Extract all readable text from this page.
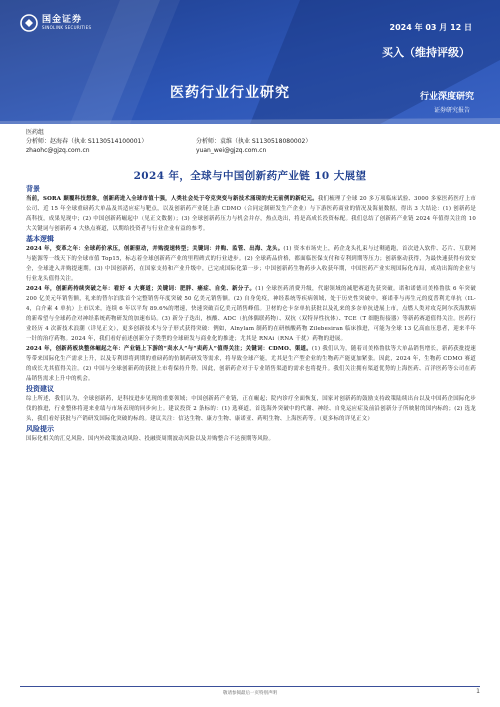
国金证券
SINOLINK SECURITIES	2024 年 03 月 12 日
买入（维持评级）
医药行业行业研究	行业深度研究
证券研究报告
医药组
分析师：赵海春（执业 S1130514100001）	分析师：袁维（执业 S1130518080002）
zhaohc@gjzq.com.cn	yuan_wei@gjzq.com.cn
2024 年，全球与中国创新药产业链 10 大展望
背景

当前，SORA 颠覆科技想象，创新药进入全球市值十强，人类社会处于夸克突变与新技术涌现的史无前例的新纪元。我们梳理了全球 20 多万项临床试验、3000 多家医药医疗上市公司、近 15 年全球重磅药大单品及其适应症与靶点，以及创新药产业链上游 CDMO（合同定制研发生产企业）与下游医药商业的情况及海量数据，得出 3 大结论：(1) 创新药是高科技，成果见现中；(2) 中国创新药崛起中（见正文数据）；(3) 全球创新药压力与机会并存，热点迭出，将是高成长投资标配。我们总结了创新药产业链 2024 年值得关注的 10 大关键词与创新药 4 大热点赛道，以期给投资者与行业企业有益的参考。

基本逻辑

2024 年，变革之年：全球药价承压，创新驱动，并购提速转型；关键词：并购、监管、出海、龙头。(1) 资本市场史上，药企龙头扎束与过剩遁跑，首次进入软件、芯片、互联网与能源等一线天下的全球市值 Top15，标志着全球创新药产业的里程碑式的行业进步。(2) 全球药品价格，都面临医保支付和专利到期等压力；创新驱动获得，为最快速获得有效安全，全球进入并购提速期。(3) 中国创新药，在国家支持和产业升级中，已完成国际化第一步；中国创新药生物药步入收获年期，中国医药产业实现国际化布局，成功出海的企业与行业龙头值得关注。

2024 年，创新药持续突破之年：看好 4 大赛道；关键词：肥胖、癌症、自免、新分子。(1) 全球医药消费升级，代谢领域的减肥赛道先获突破。诺和诺德司美格鲁肽 6 年突破 200 亿美元年销售额，礼来的替尔泊肽首个完整销售年度突破 50 亿美元销售额。(2) 自身免疫，神经系统等疾病领域，处于历史性突破中。赛诺菲与再生元的度普利尤单抗（IL-4，白介素 4 单抗）上市以来，连续 6 年以平均 89.6%的增速，快速突破百亿美元销售峰值。卫材的仑卡奈单抗获批以及礼来的多奈单抗进展上市，点燃人类对攻克阿尔茨海默病的新希望与全球药企对神经系统药物研发的加速布局。(3) 新分子迭出，核酸、ADC（抗体偶联药物）、双抗（双特异性抗体）、TCE（T 细胞衔接器）等新药赛道值得关注。医药行业经历 4 次新技术浪潮（详见正文），更多创新技术与分子形式获得突破：例如，Alnylam 制药的在研核酸药物 Zilebesiran 临床推进，可能为全球 13 亿高血压患者，迎来半年一针的治疗药物。2024 年，我们看好前述创新分子类型的全球研发与商业化的推进；尤其是 RNAi（RNA 干扰）药物的进展。

2024 年，创新药板块整体崛起之年：产业链上下游的“卖水人”与“卖药人”值得关注；关键词：CDMO、渠道。(1) 我们认为，随着司美格鲁肽等大单品销售增长，新药获批提速等带来国际化生产需求上升，以及专利即将到期的重磅药的仿制药研发等需求，将导致全球产能，尤其是生产型企业的生物药产能更加紧张。因此，2024 年，生物药 CDMO 赛道的成长尤其值得关注。(2) 中国与全球创新药的获批上市将保持升势。因此，创新药企对于专业销售渠道的需求也将提升。我们关注拥有渠道优势的上海医药、百洋医药等公司在药品销售需求上升中的机会。

投资建议

综上所述，我们认为，全球创新药，是科技进步见现的重要领域；中国创新药产业链，正在崛起；院内诊疗全面恢复，国家对创新药的鼓励支持政策陆续出台以及中国药企国际化步伐的推进，行业整体将迎来业绩与市场表现的同步向上。建议投资 2 条标的：(1) 选赛道，首选海外突破中的代谢、神经、自免运应症及前沿创新分子所映射的国内标的；(2) 选龙头，我们看好获批与产销研发国际化突破的标的。建议关注：信达生物、康方生物、康诺亚、药明生物、上海医药等。（更多标的详见正文）

风险提示

国际化相关的汇兑风险、国内外政策波动风险、投融资周期波动风险以及并购整合不达预期等风险。

敬请参阅最后一页特别声明	1
